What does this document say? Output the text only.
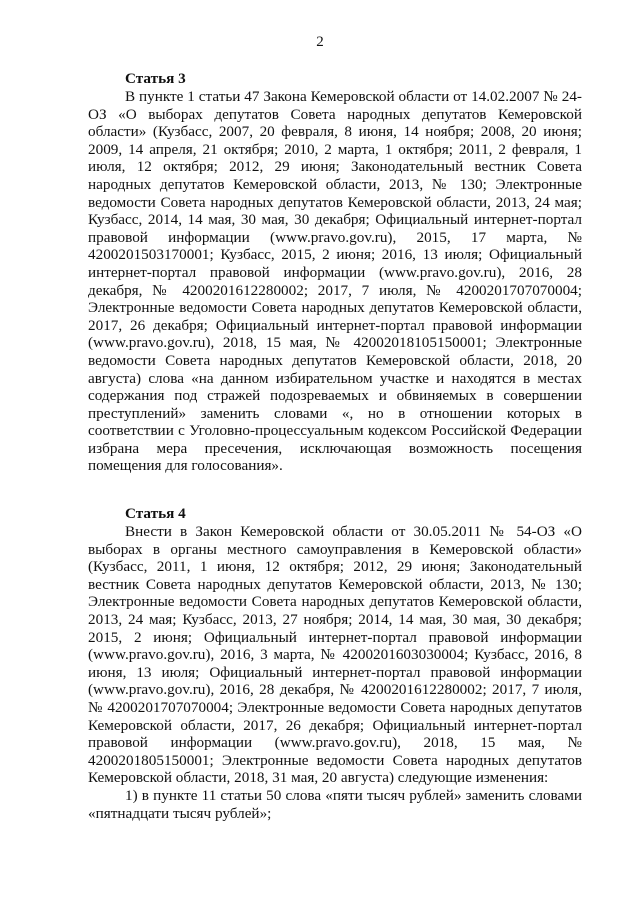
2
Статья 3

В пункте 1 статьи 47 Закона Кемеровской области от 14.02.2007 № 24-ОЗ «О выборах депутатов Совета народных депутатов Кемеровской области» (Кузбасс, 2007, 20 февраля, 8 июня, 14 ноября; 2008, 20 июня; 2009, 14 апреля, 21 октября; 2010, 2 марта, 1 октября; 2011, 2 февраля, 1 июля, 12 октября; 2012, 29 июня; Законодательный вестник Совета народных депутатов Кемеровской области, 2013, № 130; Электронные ведомости Совета народных депутатов Кемеровской области, 2013, 24 мая; Кузбасс, 2014, 14 мая, 30 мая, 30 декабря; Официальный интернет-портал правовой информации (www.pravo.gov.ru), 2015, 17 марта, № 4200201503170001; Кузбасс, 2015, 2 июня; 2016, 13 июля; Официальный интернет-портал правовой информации (www.pravo.gov.ru), 2016, 28 декабря, № 4200201612280002; 2017, 7 июля, № 4200201707070004; Электронные ведомости Совета народных депутатов Кемеровской области, 2017, 26 декабря; Официальный интернет-портал правовой информации (www.pravo.gov.ru), 2018, 15 мая, № 42002018105150001; Электронные ведомости Совета народных депутатов Кемеровской области, 2018, 20 августа) слова «на данном избирательном участке и находятся в местах содержания под стражей подозреваемых и обвиняемых в совершении преступлений» заменить словами «, но в отношении которых в соответствии с Уголовно-процессуальным кодексом Российской Федерации избрана мера пресечения, исключающая возможность посещения помещения для голосования».

Статья 4

Внести в Закон Кемеровской области от 30.05.2011 № 54-ОЗ «О выборах в органы местного самоуправления в Кемеровской области» (Кузбасс, 2011, 1 июня, 12 октября; 2012, 29 июня; Законодательный вестник Совета народных депутатов Кемеровской области, 2013, № 130; Электронные ведомости Совета народных депутатов Кемеровской области, 2013, 24 мая; Кузбасс, 2013, 27 ноября; 2014, 14 мая, 30 мая, 30 декабря; 2015, 2 июня; Официальный интернет-портал правовой информации (www.pravo.gov.ru), 2016, 3 марта, № 4200201603030004; Кузбасс, 2016, 8 июня, 13 июля; Официальный интернет-портал правовой информации (www.pravo.gov.ru), 2016, 28 декабря, № 4200201612280002; 2017, 7 июля, № 4200201707070004; Электронные ведомости Совета народных депутатов Кемеровской области, 2017, 26 декабря; Официальный интернет-портал правовой информации (www.pravo.gov.ru), 2018, 15 мая, № 4200201805150001; Электронные ведомости Совета народных депутатов Кемеровской области, 2018, 31 мая, 20 августа) следующие изменения:

1) в пункте 11 статьи 50 слова «пяти тысяч рублей» заменить словами «пятнадцати тысяч рублей»;
